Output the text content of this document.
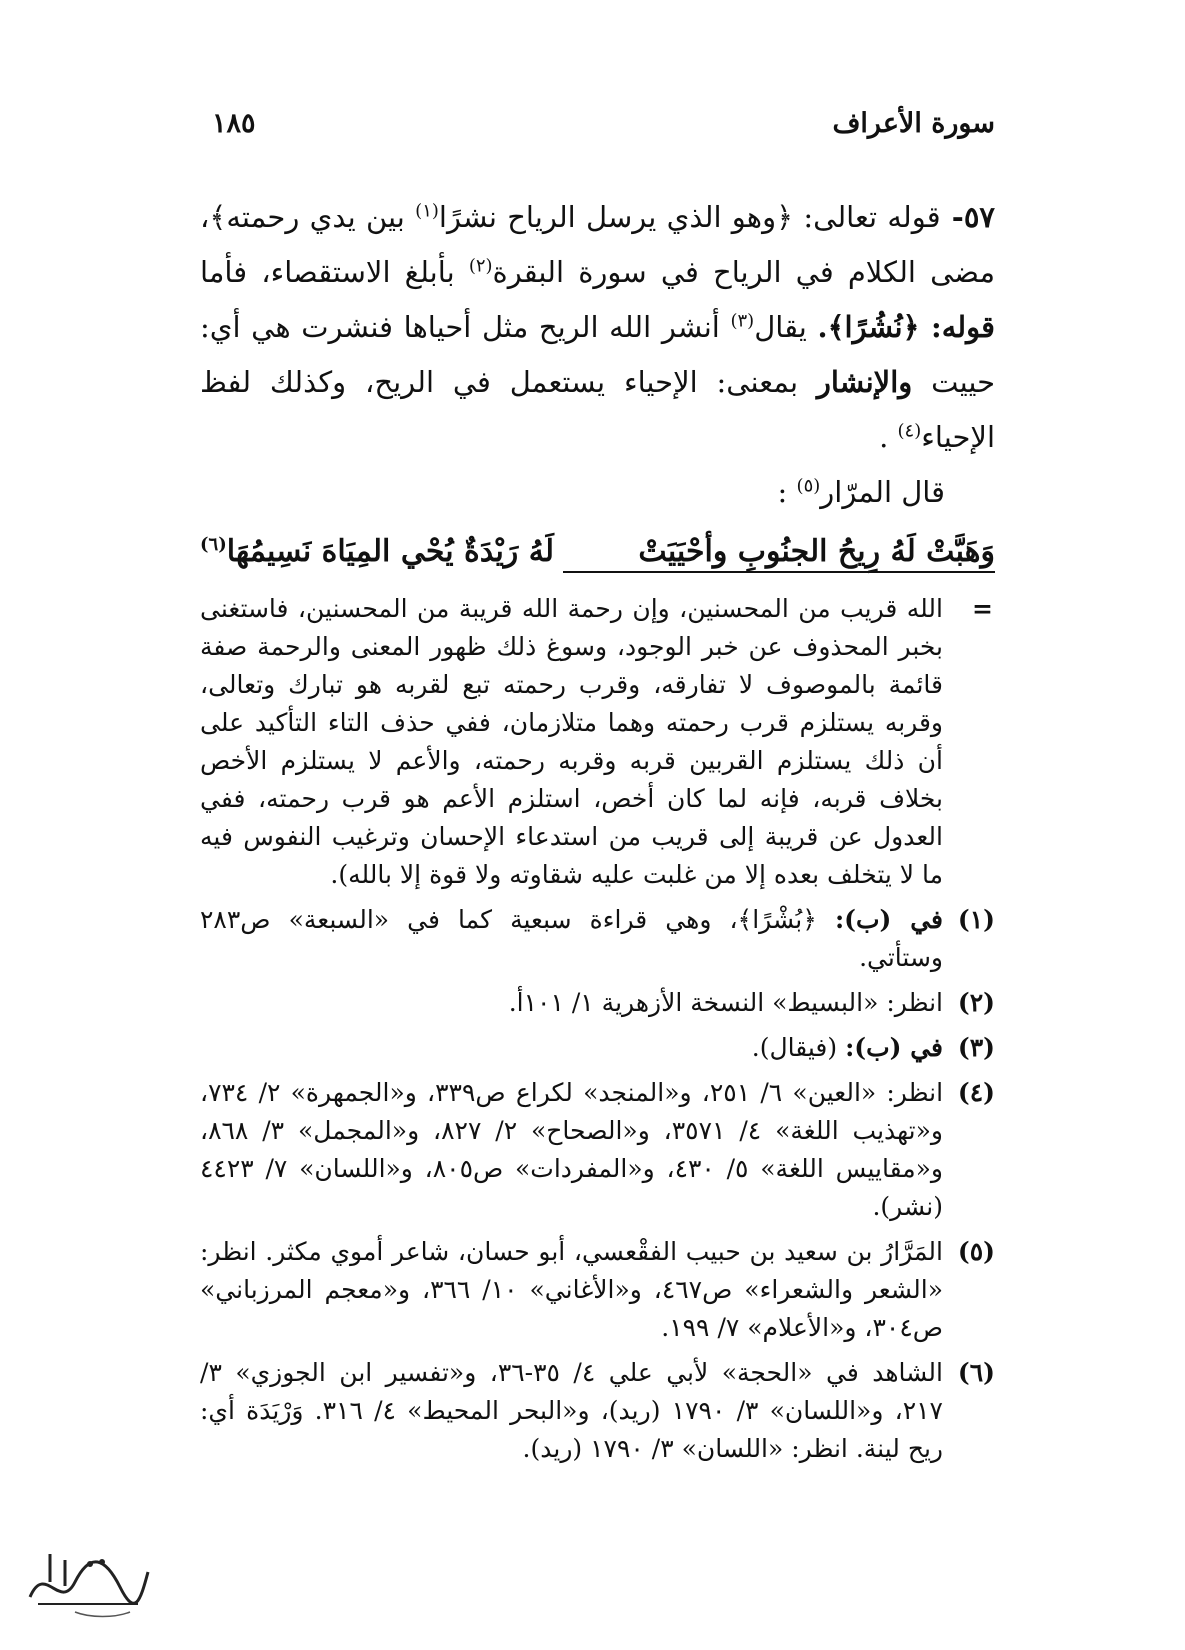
سورة الأعراف
١٨٥

٥٧- قوله تعالى: ﴿وهو الذي يرسل الرياح نشرًا$^{(١)}$ بين يدي رحمته﴾، مضى الكلام في الرياح في سورة البقرة$^{(٢)}$ بأبلغ الاستقصاء، فأما قوله: ﴿نُشُرًا﴾. يقال$^{(٣)}$ أنشر الله الريح مثل أحياها فنشرت هي أي: حييت والإنشار بمعنى: الإحياء يستعمل في الريح، وكذلك لفظ الإحياء$^{(٤)}$ .

قال المرّار$^{(٥)}$ :

وَهَبَّتْ لَهُ رِيحُ الجنُوبِ وأحْيَيَتْ
لَهُ رَيْدَةٌ يُحْي المِيَاهَ نَسِيمُهَا$^{(٦)}$
=
الله قريب من المحسنين، وإن رحمة الله قريبة من المحسنين، فاستغنى بخبر المحذوف عن خبر الوجود، وسوغ ذلك ظهور المعنى والرحمة صفة قائمة بالموصوف لا تفارقه، وقرب رحمته تبع لقربه هو تبارك وتعالى، وقربه يستلزم قرب رحمته وهما متلازمان، ففي حذف التاء التأكيد على أن ذلك يستلزم القربين قربه وقربه رحمته، والأعم لا يستلزم الأخص بخلاف قربه، فإنه لما كان أخص، استلزم الأعم هو قرب رحمته، ففي العدول عن قريبة إلى قريب من استدعاء الإحسان وترغيب النفوس فيه ما لا يتخلف بعده إلا من غلبت عليه شقاوته ولا قوة إلا بالله).
(١)
في (ب): ﴿بُشْرًا﴾، وهي قراءة سبعية كما في «السبعة» ص٢٨٣ وستأتي.
(٢)
انظر: «البسيط» النسخة الأزهرية ١/ ١٠١أ.
(٣)
في (ب): (فيقال).
(٤)
انظر: «العين» ٦/ ٢٥١، و«المنجد» لكراع ص٣٣٩، و«الجمهرة» ٢/ ٧٣٤، و«تهذيب اللغة» ٤/ ٣٥٧١، و«الصحاح» ٢/ ٨٢٧، و«المجمل» ٣/ ٨٦٨، و«مقاييس اللغة» ٥/ ٤٣٠، و«المفردات» ص٨٠٥، و«اللسان» ٧/ ٤٤٢٣ (نشر).
(٥)
المَرَّارُ بن سعيد بن حبيب الفقْعسي، أبو حسان، شاعر أموي مكثر. انظر: «الشعر والشعراء» ص٤٦٧، و«الأغاني» ١٠/ ٣٦٦، و«معجم المرزباني» ص٣٠٤، و«الأعلام» ٧/ ١٩٩.
(٦)
الشاهد في «الحجة» لأبي علي ٤/ ٣٥-٣٦، و«تفسير ابن الجوزي» ٣/ ٢١٧، و«اللسان» ٣/ ١٧٩٠ (ريد)، و«البحر المحيط» ٤/ ٣١٦. وَرْيَدَة أي: ريح لينة. انظر: «اللسان» ٣/ ١٧٩٠ (ريد).
